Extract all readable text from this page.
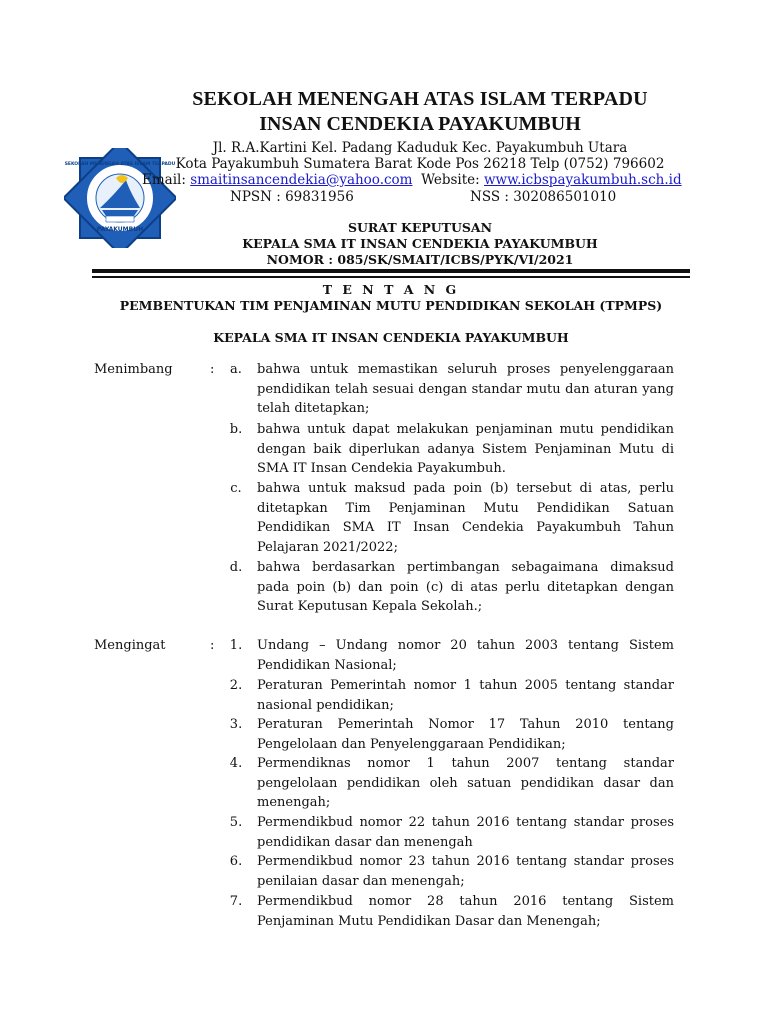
SEKOLAH MENENGAH ATAS ISLAM TERPADU
PAYAKUMBUH
SEKOLAH MENENGAH ATAS ISLAM TERPADU
INSAN CENDEKIA PAYAKUMBUH
Jl. R.A.Kartini Kel. Padang Kaduduk Kec. Payakumbuh Utara
Kota Payakumbuh Sumatera Barat Kode Pos 26218 Telp (0752) 796602
Email: smaitinsancendekia@yahoo.com Website: www.icbspayakumbuh.sch.id
NPSN : 69831956	NSS : 302086501010
SURAT KEPUTUSAN
KEPALA SMA IT INSAN CENDEKIA PAYAKUMBUH
NOMOR : 085/SK/SMAIT/ICBS/PYK/VI/2021
T E N T A N G
PEMBENTUKAN TIM PENJAMINAN MUTU PENDIDIKAN SEKOLAH (TPMPS)
KEPALA SMA IT INSAN CENDEKIA PAYAKUMBUH
Menimbang	:	a.	bahwa untuk memastikan seluruh proses penyelenggaraan pendidikan telah sesuai dengan standar mutu dan aturan yang telah ditetapkan;
b. bahwa untuk dapat melakukan penjaminan mutu pendidikan dengan baik diperlukan adanya Sistem Penjaminan Mutu di SMA IT Insan Cendekia Payakumbuh.
c.	bahwa untuk maksud pada poin (b) tersebut di atas, perlu ditetapkan Tim Penjaminan Mutu Pendidikan Satuan Pendidikan SMA IT Insan Cendekia Payakumbuh Tahun Pelajaran 2021/2022;
d. bahwa berdasarkan pertimbangan sebagaimana dimaksud pada poin (b) dan poin (c) di atas perlu ditetapkan dengan Surat Keputusan Kepala Sekolah.;
Mengingat	: 1. Undang – Undang nomor 20 tahun 2003 tentang Sistem Pendidikan Nasional;
2. Peraturan Pemerintah nomor 1 tahun 2005 tentang standar nasional pendidikan;
3. Peraturan Pemerintah Nomor 17 Tahun 2010 tentang Pengelolaan dan Penyelenggaraan Pendidikan;
4. Permendiknas nomor 1 tahun 2007 tentang standar pengelolaan pendidikan oleh satuan pendidikan dasar dan menengah;
5. Permendikbud nomor 22 tahun 2016 tentang standar proses pendidikan dasar dan menengah
6. Permendikbud nomor 23 tahun 2016 tentang standar proses penilaian dasar dan menengah;
7. Permendikbud nomor 28 tahun 2016 tentang Sistem Penjaminan Mutu Pendidikan Dasar dan Menengah;
